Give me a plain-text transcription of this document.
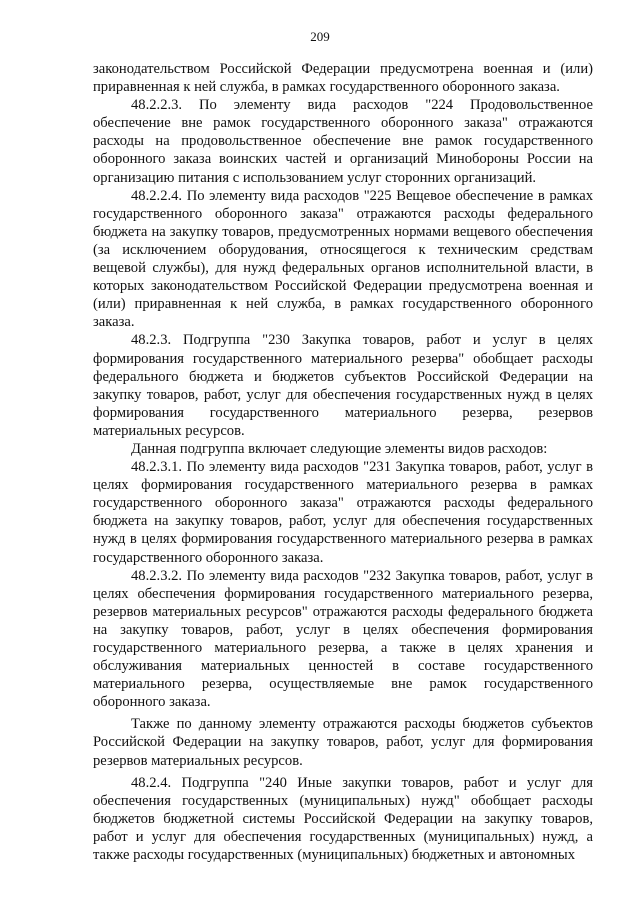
209

законодательством Российской Федерации предусмотрена военная и (или) приравненная к ней служба, в рамках государственного оборонного заказа.

48.2.2.3. По элементу вида расходов "224 Продовольственное обеспечение вне рамок государственного оборонного заказа" отражаются расходы на продовольственное обеспечение вне рамок государственного оборонного заказа воинских частей и организаций Минобороны России на организацию питания с использованием услуг сторонних организаций.

48.2.2.4. По элементу вида расходов "225 Вещевое обеспечение в рамках государственного оборонного заказа" отражаются расходы федерального бюджета на закупку товаров, предусмотренных нормами вещевого обеспечения (за исключением оборудования, относящегося к техническим средствам вещевой службы), для нужд федеральных органов исполнительной власти, в которых законодательством Российской Федерации предусмотрена военная и (или) приравненная к ней служба, в рамках государственного оборонного заказа.

48.2.3. Подгруппа "230 Закупка товаров, работ и услуг в целях формирования государственного материального резерва" обобщает расходы федерального бюджета и бюджетов субъектов Российской Федерации на закупку товаров, работ, услуг для обеспечения государственных нужд в целях формирования государственного материального резерва, резервов материальных ресурсов.

Данная подгруппа включает следующие элементы видов расходов:

48.2.3.1. По элементу вида расходов "231 Закупка товаров, работ, услуг в целях формирования государственного материального резерва в рамках государственного оборонного заказа" отражаются расходы федерального бюджета на закупку товаров, работ, услуг для обеспечения государственных нужд в целях формирования государственного материального резерва в рамках государственного оборонного заказа.

48.2.3.2. По элементу вида расходов "232 Закупка товаров, работ, услуг в целях обеспечения формирования государственного материального резерва, резервов материальных ресурсов" отражаются расходы федерального бюджета на закупку товаров, работ, услуг в целях обеспечения формирования государственного материального резерва, а также в целях хранения и обслуживания материальных ценностей в составе государственного материального резерва, осуществляемые вне рамок государственного оборонного заказа.

Также по данному элементу отражаются расходы бюджетов субъектов Российской Федерации на закупку товаров, работ, услуг для формирования резервов материальных ресурсов.

48.2.4. Подгруппа "240 Иные закупки товаров, работ и услуг для обеспечения государственных (муниципальных) нужд" обобщает расходы бюджетов бюджетной системы Российской Федерации на закупку товаров, работ и услуг для обеспечения государственных (муниципальных) нужд, а также расходы государственных (муниципальных) бюджетных и автономных
